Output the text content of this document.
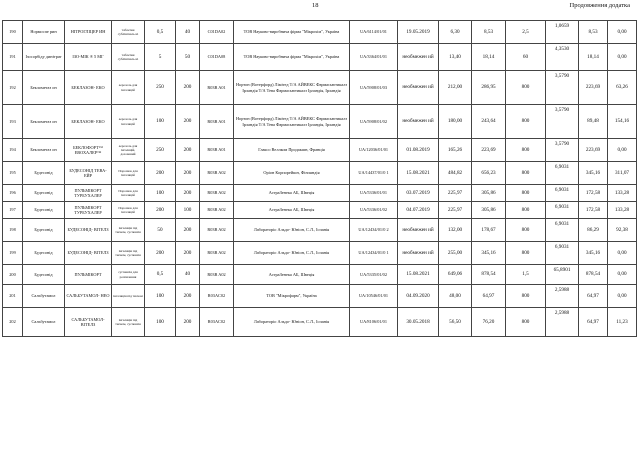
18	Продовження додатка
190	Нормоспе рин	НІТРОГЛІЦЕР ИН	таблетки сублінгваль ні	0,5	40	C01DA02	ТОВ Науково-виробнича фірма "Мікрохім", Україна	UA/6114/01/01	19.05.2019	6,30	8,53	2,5	1,0659	8,53	0,00
191	Ізосорбіду динітрат	ІЗО-МІК ® 5 МГ	таблетки сублінгваль ні	5	50	C01DA08	ТОВ Науково-виробнича фірма "Мікрохім", Україна	UA/3364/01/01	необмежен ий	13,40	18,14	60	4,3530	18,14	0,00
192	Беклометаз он	БЕКЛАЗОН- ЕКО	аерозоль для інгаляцій	250	200	R03B A01	Нортон (Вотерфорд) Лімітед Т/А АЙВЕКС Фармасьютикалз Ірландія Т/А Тева Фармасьютикалз Ірландія, Ірландія	UA/5908/01/03	необмежен ий	212,00	286,95	800	3,5790	223,69	63,26
193	Беклометаз он	БЕКЛАЗОН- ЕКО	аерозоль для інгаляцій	100	200	R03B A01	Нортон (Вотерфорд) Лімітед Т/А АЙВЕКС Фармасьютикалз Ірландія Т/А Тева Фармасьютикалз Ірландія, Ірландія	UA/5908/01/02	необмежен ий	180,00	243,64	800	3,5790	89,48	154,16
194	Беклометаз он	БЕКЛОФОРТ™ ЕВОХАЛЕР™	аерозоль для інгаляцій, дозований	250	200	R03B A01	Глаксо Веллком Продакшн, Франція	UA/12036/01/01	01.08.2019	165,26	223,69	800	3,5790	223,69	0,00
195	Будесонід	БУДЕСОНІД ТЕВА-ЕЙР	Порошок для інгаляцій	200	200	R03B A02	Оріон Корпорейшн, Фінляндія	UA/14437/01/0 1	15.08.2021	484,82	656,23	800	6,9031	345,16	311,07
196	Будесонід	ПУЛЬМІКОРТ ТУРБУХАЛЕР	Порошок для інгаляцій	100	200	R03B A02	АстраЗенека АБ, Швеція	UA/5336/01/01	03.07.2019	225,97	305,86	800	6,9031	172,58	133,28
197	Будесонід	ПУЛЬМІКОРТ ТУРБУХАЛЕР	Порошок для інгаляцій	200	100	R03B A02	АстраЗенека АБ, Швеція	UA/5336/01/02	04.07.2019	225,97	305,86	800	6,9031	172,58	133,28
198	Будесонід	БУДЕСОНІД- ВІТЕЛЗ	інгаляція під тиском, суспензія	50	200	R03B A02	Лабораторіо Альдо- Юніон, С.Л., Іспанія	UA/12434/01/0 2	необмежен ий	132,00	178,67	800	6,9031	86,29	92,38
199	Будесонід	БУДЕСОНІД- ВІТЕЛЗ	інгаляція під тиском, суспензія	200	200	R03B A02	Лабораторіо Альдо- Юніон, С.Л., Іспанія	UA/12434/01/0 1	необмежен ий	255,00	345,16	800	6,9031	345,16	0,00
200	Будесонід	ПУЛЬМІКОРТ	суспензія для розпилення	0,5	40	R03B A02	АстраЗенека АБ, Швеція	UA/5335/01/02	15.08.2021	649,06	878,54	1,5	65,8901	878,54	0,00
201	Сальбутамол	САЛЬБУТАМОЛ- НЕО	інгаляція під тиском	100	200	R03AC02	ТОВ "Мікрофарм", Україна	UA/10546/01/01	04.09.2020	48,00	64,97	800	2,5988	64,97	0,00
202	Сальбутамол	САЛЬБУТАМОЛ- ВІТЕЛЗ	інгаляція під тиском, суспензія	100	200	R03AC02	Лабораторіо Альдо- Юніон, С.Л., Іспанія	UA/8106/01/01	30.05.2018	56,50	76,20	800	2,5988	64,97	11,23
